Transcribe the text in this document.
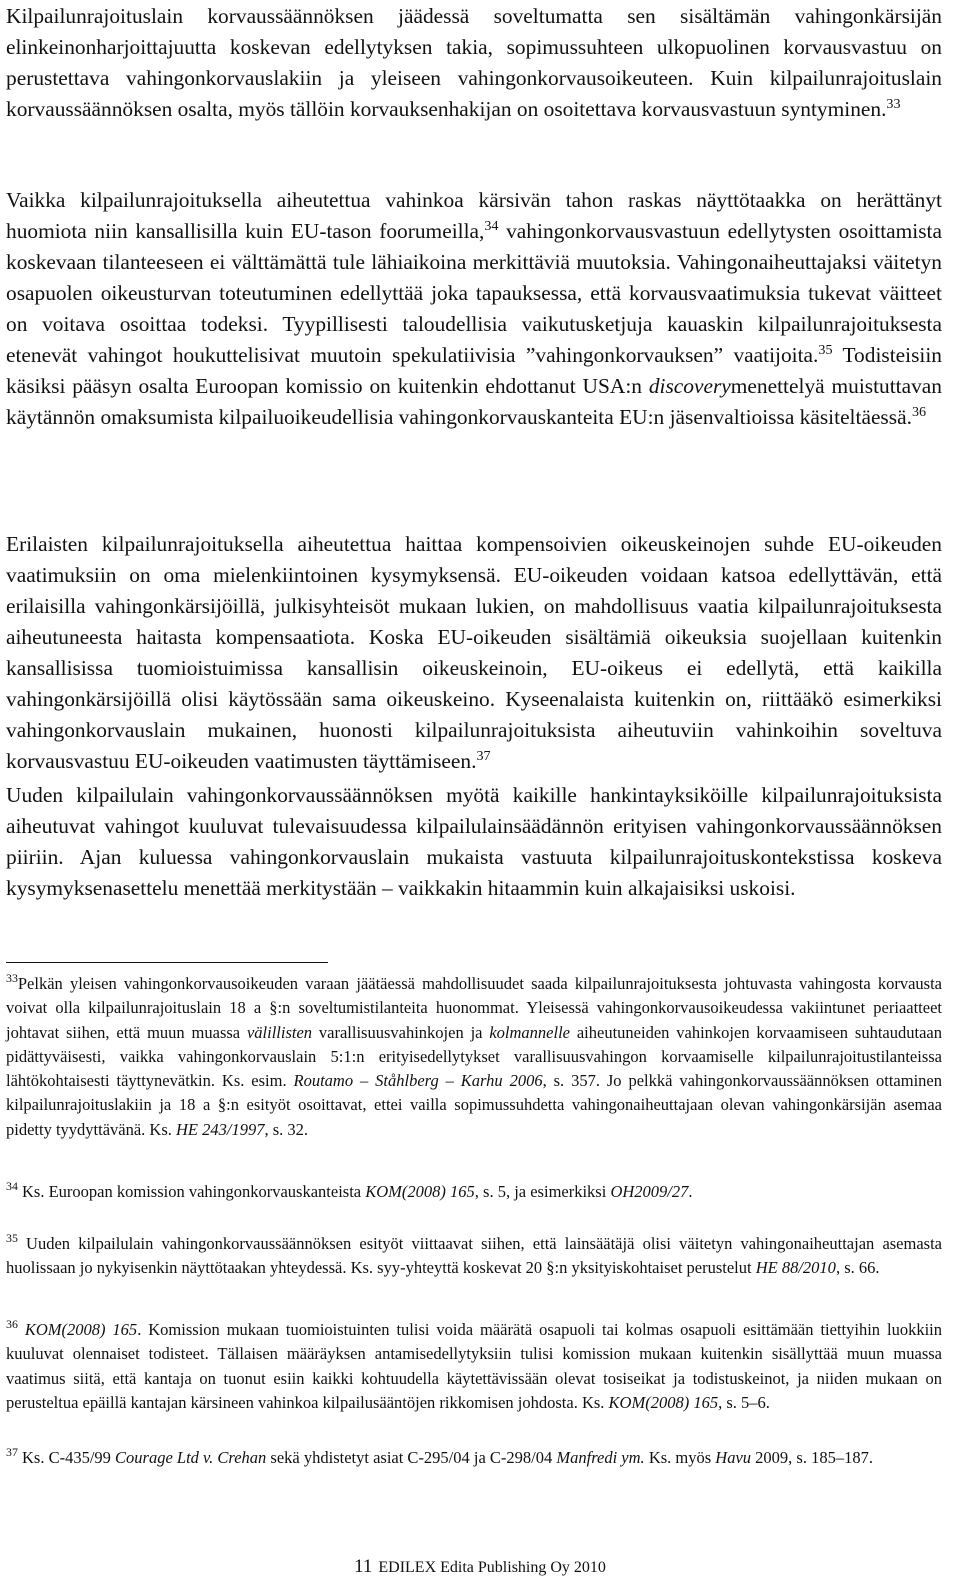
Kilpailunrajoituslain korvaussäännöksen jäädessä soveltumatta sen sisältämän vahingonkärsijän elinkeinonharjoittajuutta koskevan edellytyksen takia, sopimussuhteen ulkopuolinen korvausvastuu on perustettava vahingonkorvauslakiin ja yleiseen vahingonkorvausoikeuteen. Kuin kilpailunrajoituslain korvaussäännöksen osalta, myös tällöin korvauksenhakijan on osoitettava korvausvastuun syntyminen.$^{33}$

Vaikka kilpailunrajoituksella aiheutettua vahinkoa kärsivän tahon raskas näyttötaakka on herättänyt huomiota niin kansallisilla kuin EU-tason foorumeilla,$^{34}$ vahingonkorvausvastuun edellytysten osoittamista koskevaan tilanteeseen ei välttämättä tule lähiaikoina merkittäviä muutoksia. Vahingonaiheuttajaksi väitetyn osapuolen oikeusturvan toteutuminen edellyttää joka tapauksessa, että korvausvaatimuksia tukevat väitteet on voitava osoittaa todeksi. Tyypillisesti taloudellisia vaikutusketjuja kauaskin kilpailunrajoituksesta etenevät vahingot houkuttelisivat muutoin spekulatiivisia ”vahingonkorvauksen” vaatijoita.$^{35}$ Todisteisiin käsiksi pääsyn osalta Euroopan komissio on kuitenkin ehdottanut USA:n discoverymenettelyä muistuttavan käytännön omaksumista kilpailuoikeudellisia vahingonkorvauskanteita EU:n jäsenvaltioissa käsiteltäessä.$^{36}$

Erilaisten kilpailunrajoituksella aiheutettua haittaa kompensoivien oikeuskeinojen suhde EU-oikeuden vaatimuksiin on oma mielenkiintoinen kysymyksensä. EU-oikeuden voidaan katsoa edellyttävän, että erilaisilla vahingonkärsijöillä, julkisyhteisöt mukaan lukien, on mahdollisuus vaatia kilpailunrajoituksesta aiheutuneesta haitasta kompensaatiota. Koska EU-oikeuden sisältämiä oikeuksia suojellaan kuitenkin kansallisissa tuomioistuimissa kansallisin oikeuskeinoin, EU-oikeus ei edellytä, että kaikilla vahingonkärsijöillä olisi käytössään sama oikeuskeino. Kyseenalaista kuitenkin on, riittääkö esimerkiksi vahingonkorvauslain mukainen, huonosti kilpailunrajoituksista aiheutuviin vahinkoihin soveltuva korvausvastuu EU-oikeuden vaatimusten täyttämiseen.$^{37}$

Uuden kilpailulain vahingonkorvaussäännöksen myötä kaikille hankintayksiköille kilpailunrajoituksista aiheutuvat vahingot kuuluvat tulevaisuudessa kilpailulainsäädännön erityisen vahingonkorvaussäännöksen piiriin. Ajan kuluessa vahingonkorvauslain mukaista vastuuta kilpailunrajoituskontekstissa koskeva kysymyksenasettelu menettää merkitystään – vaikkakin hitaammin kuin alkajaisiksi uskoisi.

$^{33}$Pelkän yleisen vahingonkorvausoikeuden varaan jäätäessä mahdollisuudet saada kilpailunrajoituksesta johtuvasta vahingosta korvausta voivat olla kilpailunrajoituslain 18 a §:n soveltumistilanteita huonommat. Yleisessä vahingonkorvausoikeudessa vakiintunet periaatteet johtavat siihen, että muun muassa välillisten varallisuusvahinkojen ja kolmannelle aiheutuneiden vahinkojen korvaamiseen suhtaudutaan pidättyväisesti, vaikka vahingonkorvauslain 5:1:n erityisedellytykset varallisuusvahingon korvaamiselle kilpailunrajoitustilanteissa lähtökohtaisesti täyttynevätkin. Ks. esim. Routamo – Ståhlberg – Karhu 2006, s. 357. Jo pelkkä vahingonkorvaussäännöksen ottaminen kilpailunrajoituslakiin ja 18 a §:n esityöt osoittavat, ettei vailla sopimussuhdetta vahingonaiheuttajaan olevan vahingonkärsijän asemaa pidetty tyydyttävänä. Ks. HE 243/1997, s. 32.

$^{34}$ Ks. Euroopan komission vahingonkorvauskanteista KOM(2008) 165, s. 5, ja esimerkiksi OH2009/27.

$^{35}$ Uuden kilpailulain vahingonkorvaussäännöksen esityöt viittaavat siihen, että lainsäätäjä olisi väitetyn vahingonaiheuttajan asemasta huolissaan jo nykyisenkin näyttötaakan yhteydessä. Ks. syy-yhteyttä koskevat 20 §:n yksityiskohtaiset perustelut HE 88/2010, s. 66.

$^{36}$ KOM(2008) 165. Komission mukaan tuomioistuinten tulisi voida määrätä osapuoli tai kolmas osapuoli esittämään tiettyihin luokkiin kuuluvat olennaiset todisteet. Tällaisen määräyksen antamisedellytyksiin tulisi komission mukaan kuitenkin sisällyttää muun muassa vaatimus siitä, että kantaja on tuonut esiin kaikki kohtuudella käytettävissään olevat tosiseikat ja todistuskeinot, ja niiden mukaan on perusteltua epäillä kantajan kärsineen vahinkoa kilpailusääntöjen rikkomisen johdosta. Ks. KOM(2008) 165, s. 5–6.

$^{37}$ Ks. C-435/99 Courage Ltd v. Crehan sekä yhdistetyt asiat C-295/04 ja C-298/04 Manfredi ym. Ks. myös Havu 2009, s. 185–187.

11 EDILEX Edita Publishing Oy 2010
